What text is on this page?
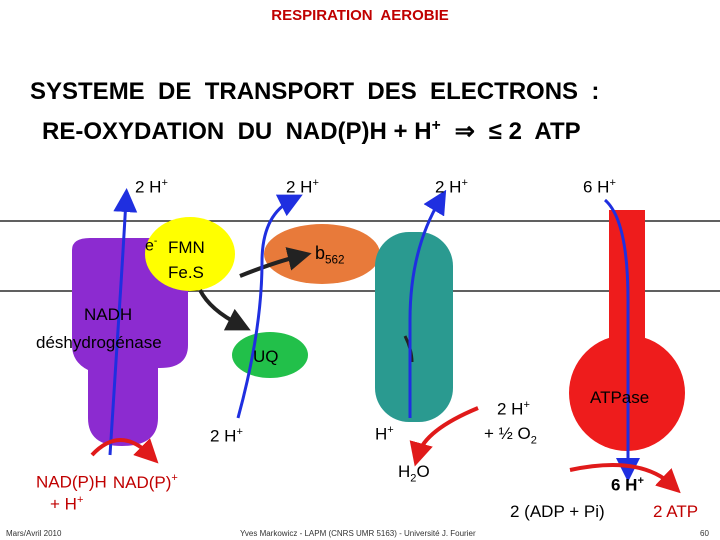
RESPIRATION  AEROBIE
SYSTEME  DE  TRANSPORT  DES  ELECTRONS  :
RE-OXYDATION  DU  NAD(P)H + H+ ⇒ ≤ 2  ATP
2 H+	2 H+	2 H+	6 H+
e- FMN
Fe.S
NADH
déshydrogénase
$b_{562}$
UQ
2 H+	H+
NAD(P)H NAD(P)+
+ H+
$H_2O$
2 H+
+ ½ $O_2$
ATPase
6 H+
2 (ADP + Pi)	2 ATP
Mars/Avril 2010	Yves Markowicz - LAPM (CNRS UMR 5163) - Université J. Fourier	60
